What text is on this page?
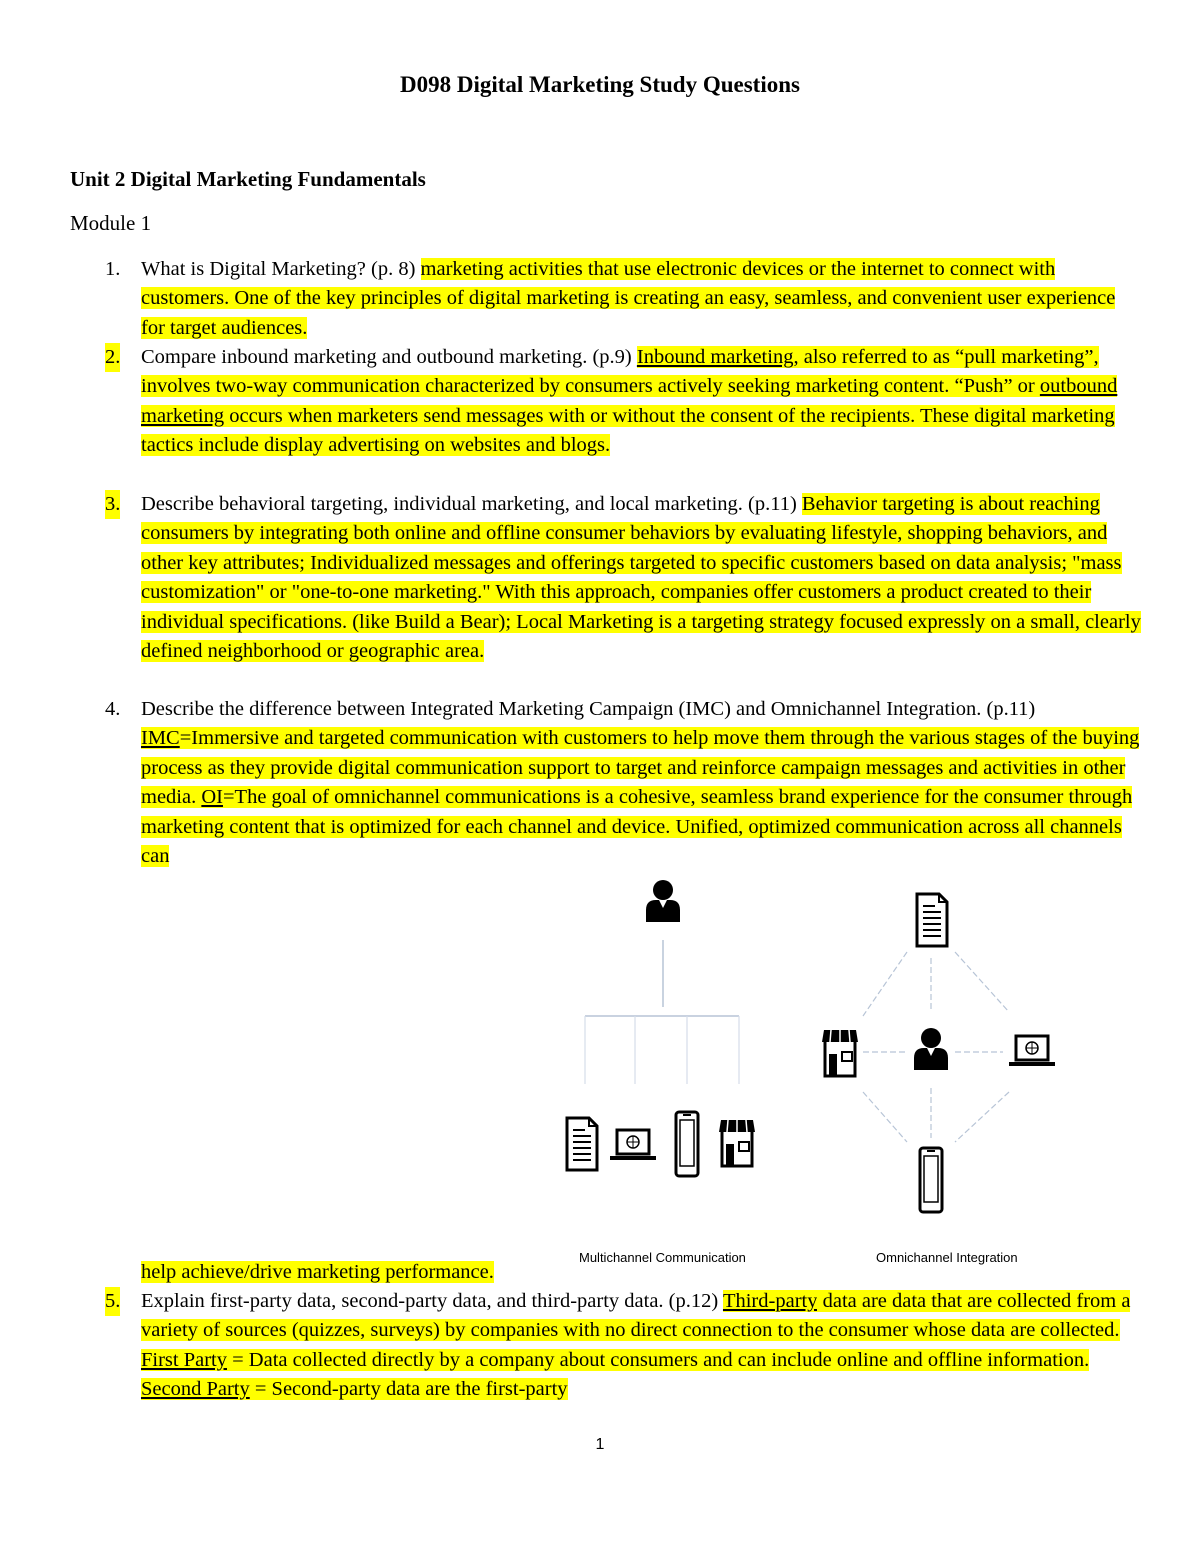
D098 Digital Marketing Study Questions
Unit 2 Digital Marketing Fundamentals
Module 1
1. What is Digital Marketing? (p. 8) marketing activities that use electronic devices or the internet to connect with customers. One of the key principles of digital marketing is creating an easy, seamless, and convenient user experience for target audiences.
2. Compare inbound marketing and outbound marketing. (p.9) Inbound marketing, also referred to as “pull marketing”, involves two-way communication characterized by consumers actively seeking marketing content. “Push” or outbound marketing occurs when marketers send messages with or without the consent of the recipients. These digital marketing tactics include display advertising on websites and blogs.
3. Describe behavioral targeting, individual marketing, and local marketing. (p.11) Behavior targeting is about reaching consumers by integrating both online and offline consumer behaviors by evaluating lifestyle, shopping behaviors, and other key attributes; Individualized messages and offerings targeted to specific customers based on data analysis; "mass customization" or "one-to-one marketing." With this approach, companies offer customers a product created to their individual specifications. (like Build a Bear); Local Marketing is a targeting strategy focused expressly on a small, clearly defined neighborhood or geographic area.
4. Describe the difference between Integrated Marketing Campaign (IMC) and Omnichannel Integration. (p.11) IMC=Immersive and targeted communication with customers to help move them through the various stages of the buying process as they provide digital communication support to target and reinforce campaign messages and activities in other media. OI=The goal of omnichannel communications is a cohesive, seamless brand experience for the consumer through marketing content that is optimized for each channel and device. Unified, optimized communication across all channels can
Multichannel Communication	Omnichannel Integration
help achieve/drive marketing performance.
5. Explain first-party data, second-party data, and third-party data. (p.12) Third-party data are data that are collected from a variety of sources (quizzes, surveys) by companies with no direct connection to the consumer whose data are collected. First Party = Data collected directly by a company about consumers and can include online and offline information. Second Party = Second-party data are the first-party
1
